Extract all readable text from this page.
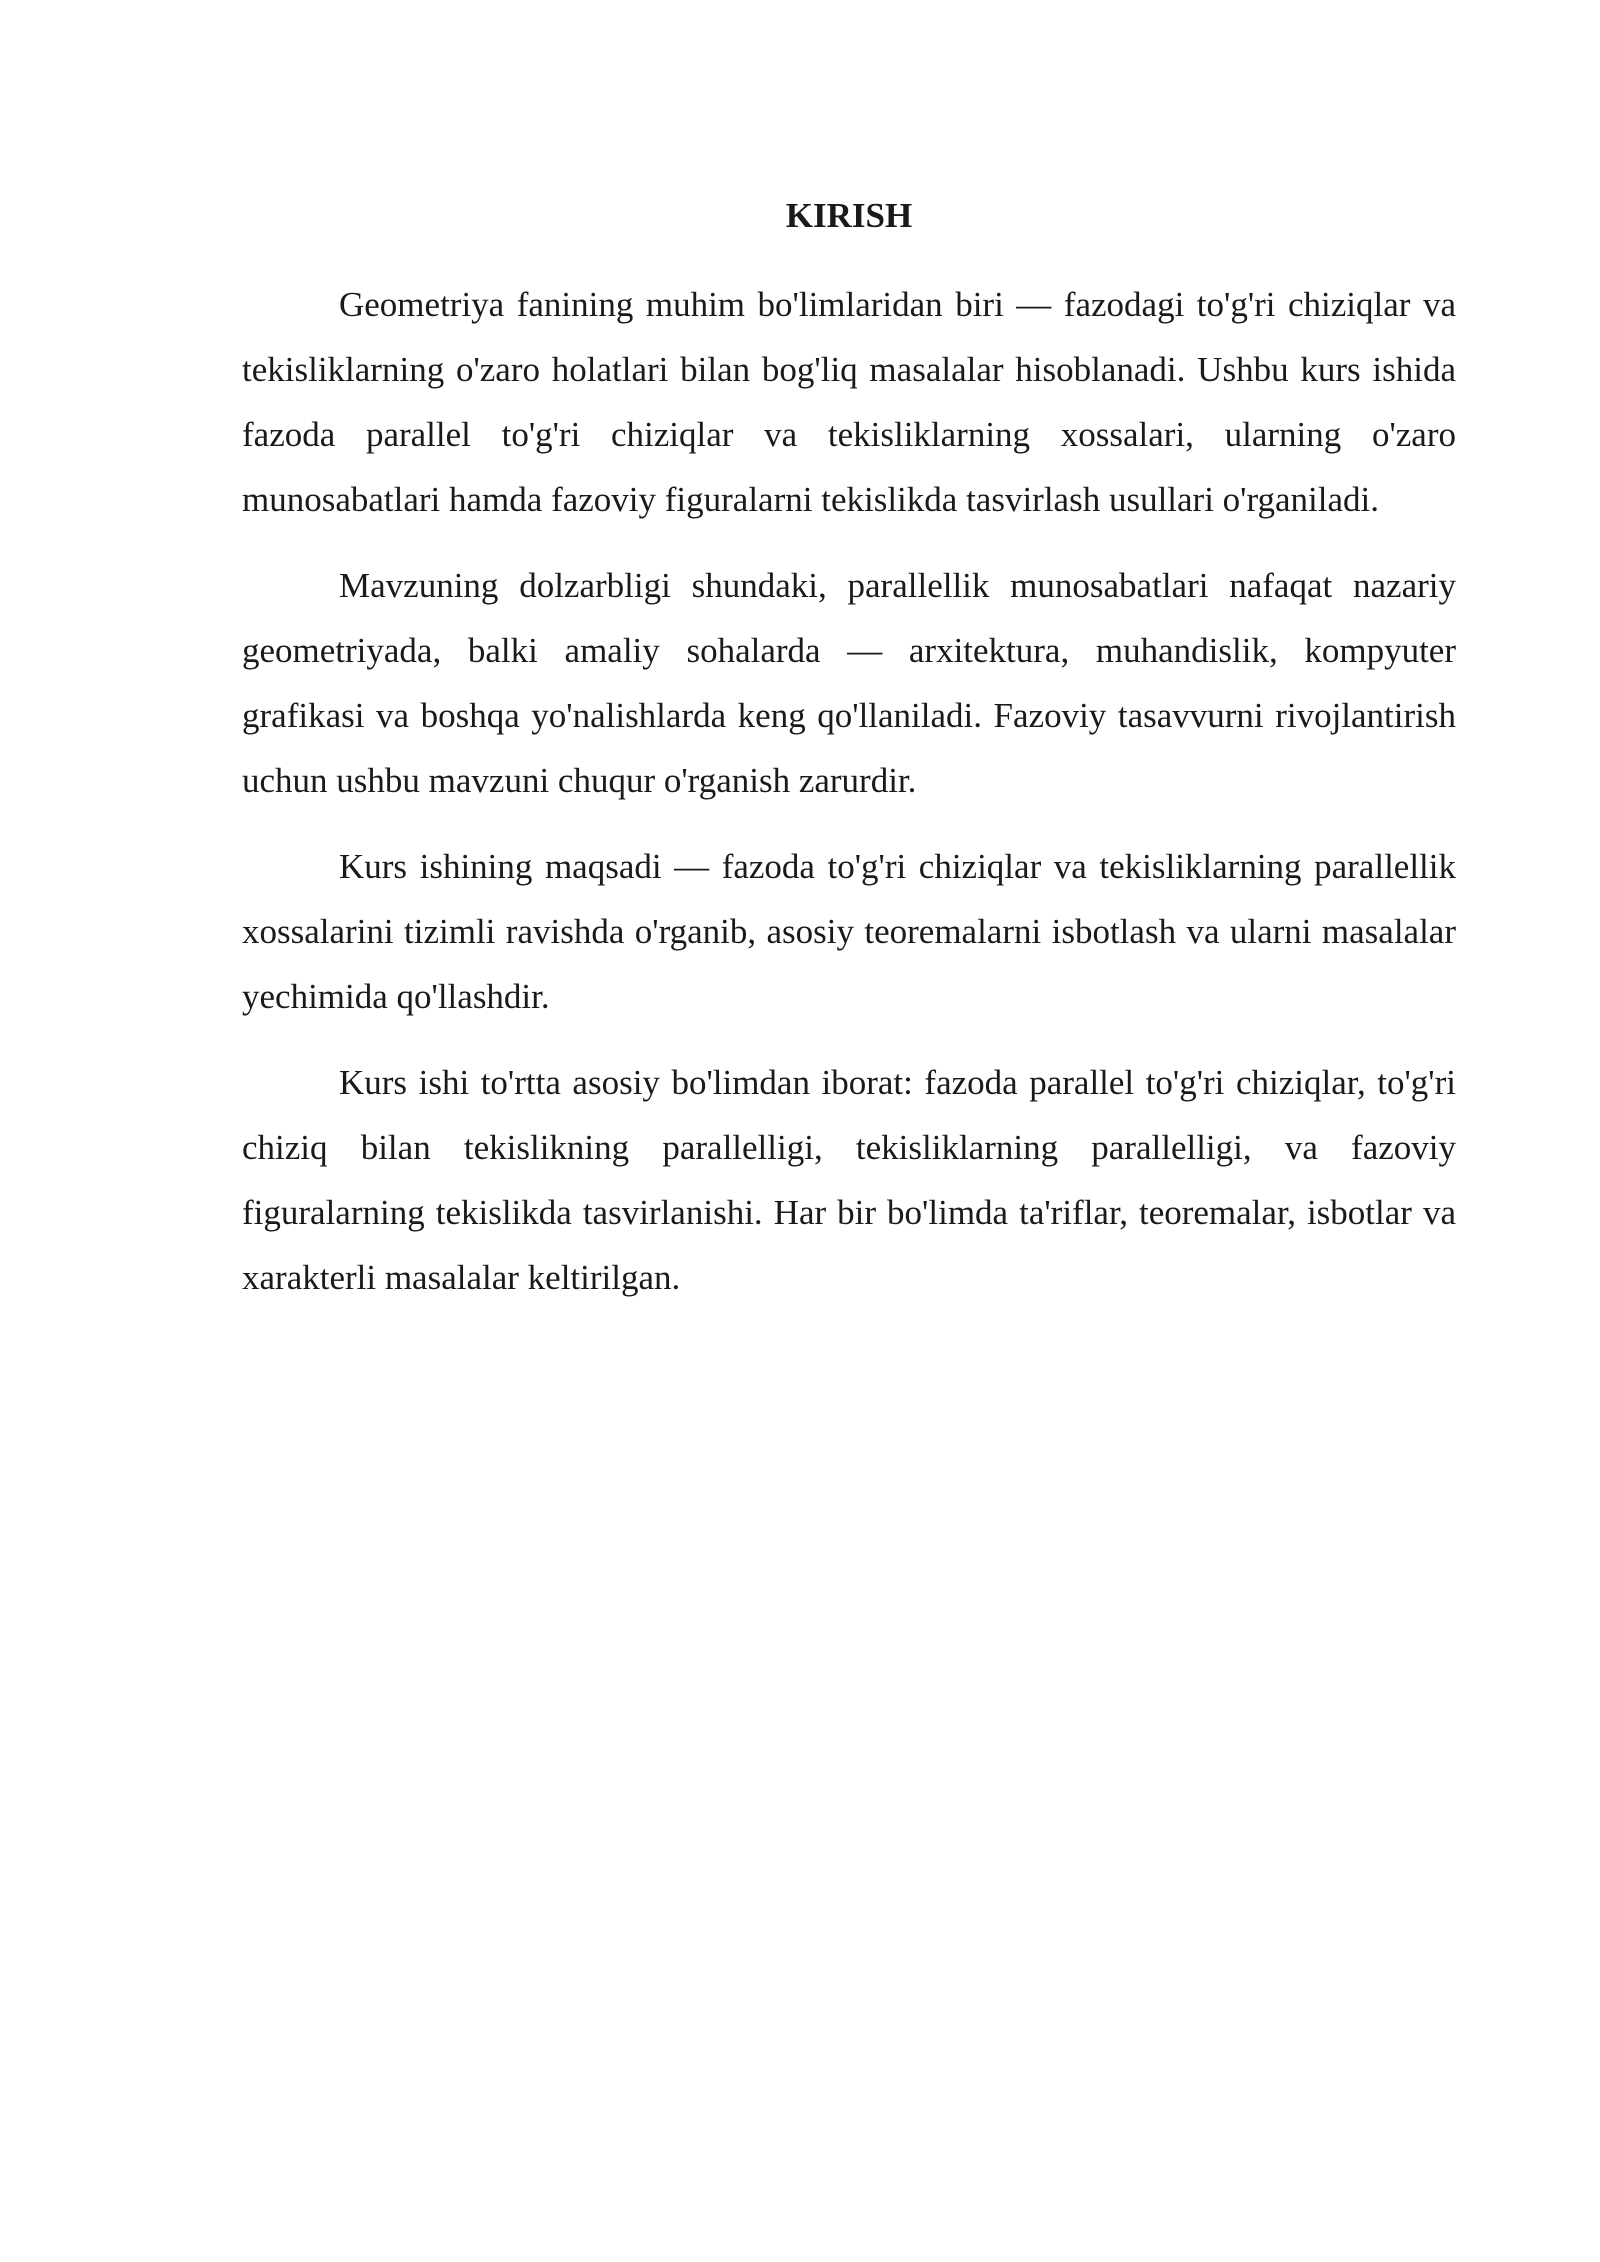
KIRISH

Geometriya fanining muhim bo'limlaridan biri — fazodagi to'g'ri chiziqlar va tekisliklarning o'zaro holatlari bilan bog'liq masalalar hisoblanadi. Ushbu kurs ishida fazoda parallel to'g'ri chiziqlar va tekisliklarning xossalari, ularning o'zaro munosabatlari hamda fazoviy figuralarni tekislikda tasvirlash usullari o'rganiladi.

Mavzuning dolzarbligi shundaki, parallellik munosabatlari nafaqat nazariy geometriyada, balki amaliy sohalarda — arxitektura, muhandislik, kompyuter grafikasi va boshqa yo'nalishlarda keng qo'llaniladi. Fazoviy tasavvurni rivojlantirish uchun ushbu mavzuni chuqur o'rganish zarurdir.

Kurs ishining maqsadi — fazoda to'g'ri chiziqlar va tekisliklarning parallellik xossalarini tizimli ravishda o'rganib, asosiy teoremalarni isbotlash va ularni masalalar yechimida qo'llashdir.

Kurs ishi to'rtta asosiy bo'limdan iborat: fazoda parallel to'g'ri chiziqlar, to'g'ri chiziq bilan tekislikning parallelligi, tekisliklarning parallelligi, va fazoviy figuralarning tekislikda tasvirlanishi. Har bir bo'limda ta'riflar, teoremalar, isbotlar va xarakterli masalalar keltirilgan.
